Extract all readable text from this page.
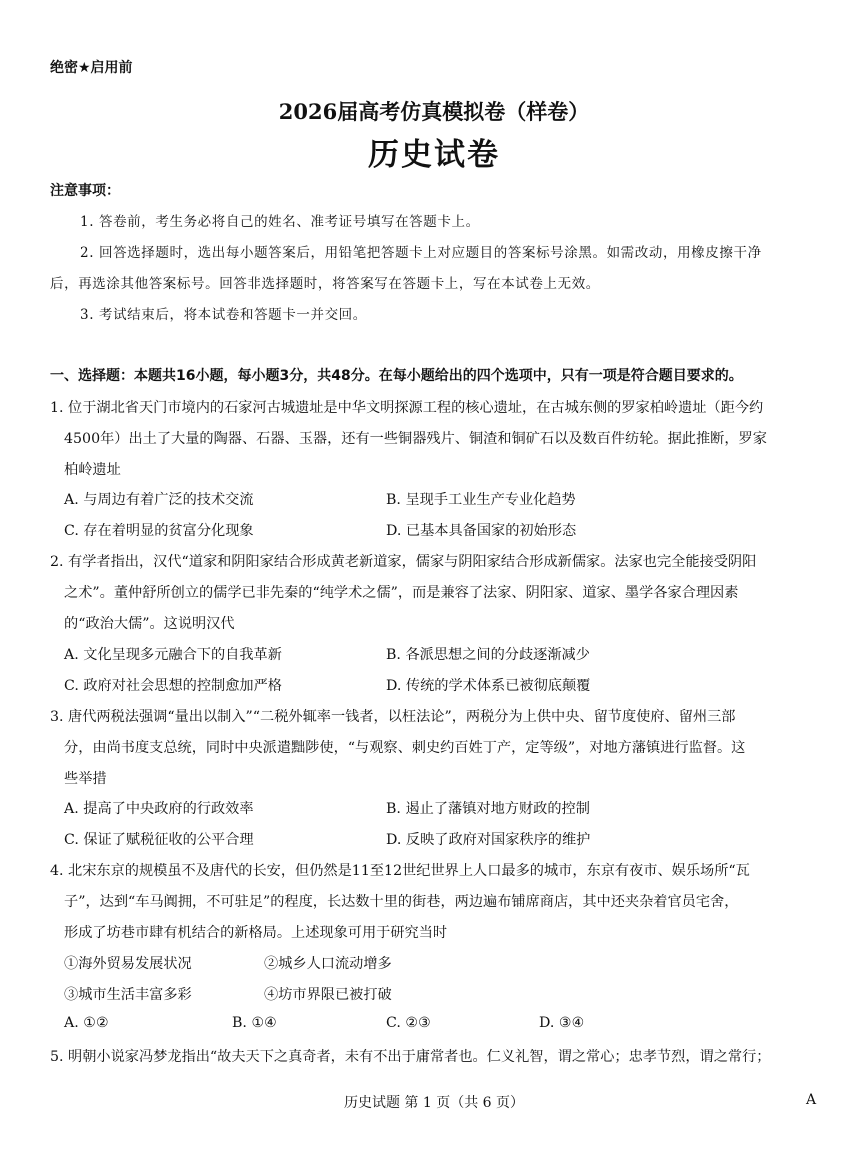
绝密★启用前
2026届高考仿真模拟卷（样卷）
历史试卷
注意事项：
1. 答卷前，考生务必将自己的姓名、准考证号填写在答题卡上。
2. 回答选择题时，选出每小题答案后，用铅笔把答题卡上对应题目的答案标号涂黑。如需改动，用橡皮擦干净
后，再选涂其他答案标号。回答非选择题时，将答案写在答题卡上，写在本试卷上无效。
3. 考试结束后，将本试卷和答题卡一并交回。
一、选择题：本题共16小题，每小题3分，共48分。在每小题给出的四个选项中，只有一项是符合题目要求的。
1. 位于湖北省天门市境内的石家河古城遗址是中华文明探源工程的核心遗址，在古城东侧的罗家柏岭遗址（距今约
4500年）出土了大量的陶器、石器、玉器，还有一些铜器残片、铜渣和铜矿石以及数百件纺轮。据此推断，罗家
柏岭遗址
A. 与周边有着广泛的技术交流	B. 呈现手工业生产专业化趋势
C. 存在着明显的贫富分化现象	D. 已基本具备国家的初始形态
2. 有学者指出，汉代“道家和阴阳家结合形成黄老新道家，儒家与阴阳家结合形成新儒家。法家也完全能接受阴阳
之术”。董仲舒所创立的儒学已非先秦的“纯学术之儒”，而是兼容了法家、阴阳家、道家、墨学各家合理因素
的“政治大儒”。这说明汉代
A. 文化呈现多元融合下的自我革新	B. 各派思想之间的分歧逐渐减少
C. 政府对社会思想的控制愈加严格	D. 传统的学术体系已被彻底颠覆
3. 唐代两税法强调“量出以制入”“二税外辄率一钱者，以枉法论”，两税分为上供中央、留节度使府、留州三部
分，由尚书度支总统，同时中央派遣黜陟使，“与观察、刺史约百姓丁产，定等级”，对地方藩镇进行监督。这
些举措
A. 提高了中央政府的行政效率	B. 遏止了藩镇对地方财政的控制
C. 保证了赋税征收的公平合理	D. 反映了政府对国家秩序的维护
4. 北宋东京的规模虽不及唐代的长安，但仍然是11至12世纪世界上人口最多的城市，东京有夜市、娱乐场所“瓦
子”，达到“车马阗拥，不可驻足”的程度，长达数十里的街巷，两边遍布铺席商店，其中还夹杂着官员宅舍，
形成了坊巷市肆有机结合的新格局。上述现象可用于研究当时
①海外贸易发展状况	②城乡人口流动增多
③城市生活丰富多彩	④坊市界限已被打破
A. ①②	B. ①④	C. ②③	D. ③④
5. 明朝小说家冯梦龙指出“故夫天下之真奇者，未有不出于庸常者也。仁义礼智，谓之常心；忠孝节烈，谓之常行；
历史试题 第 1 页（共 6 页）	A
